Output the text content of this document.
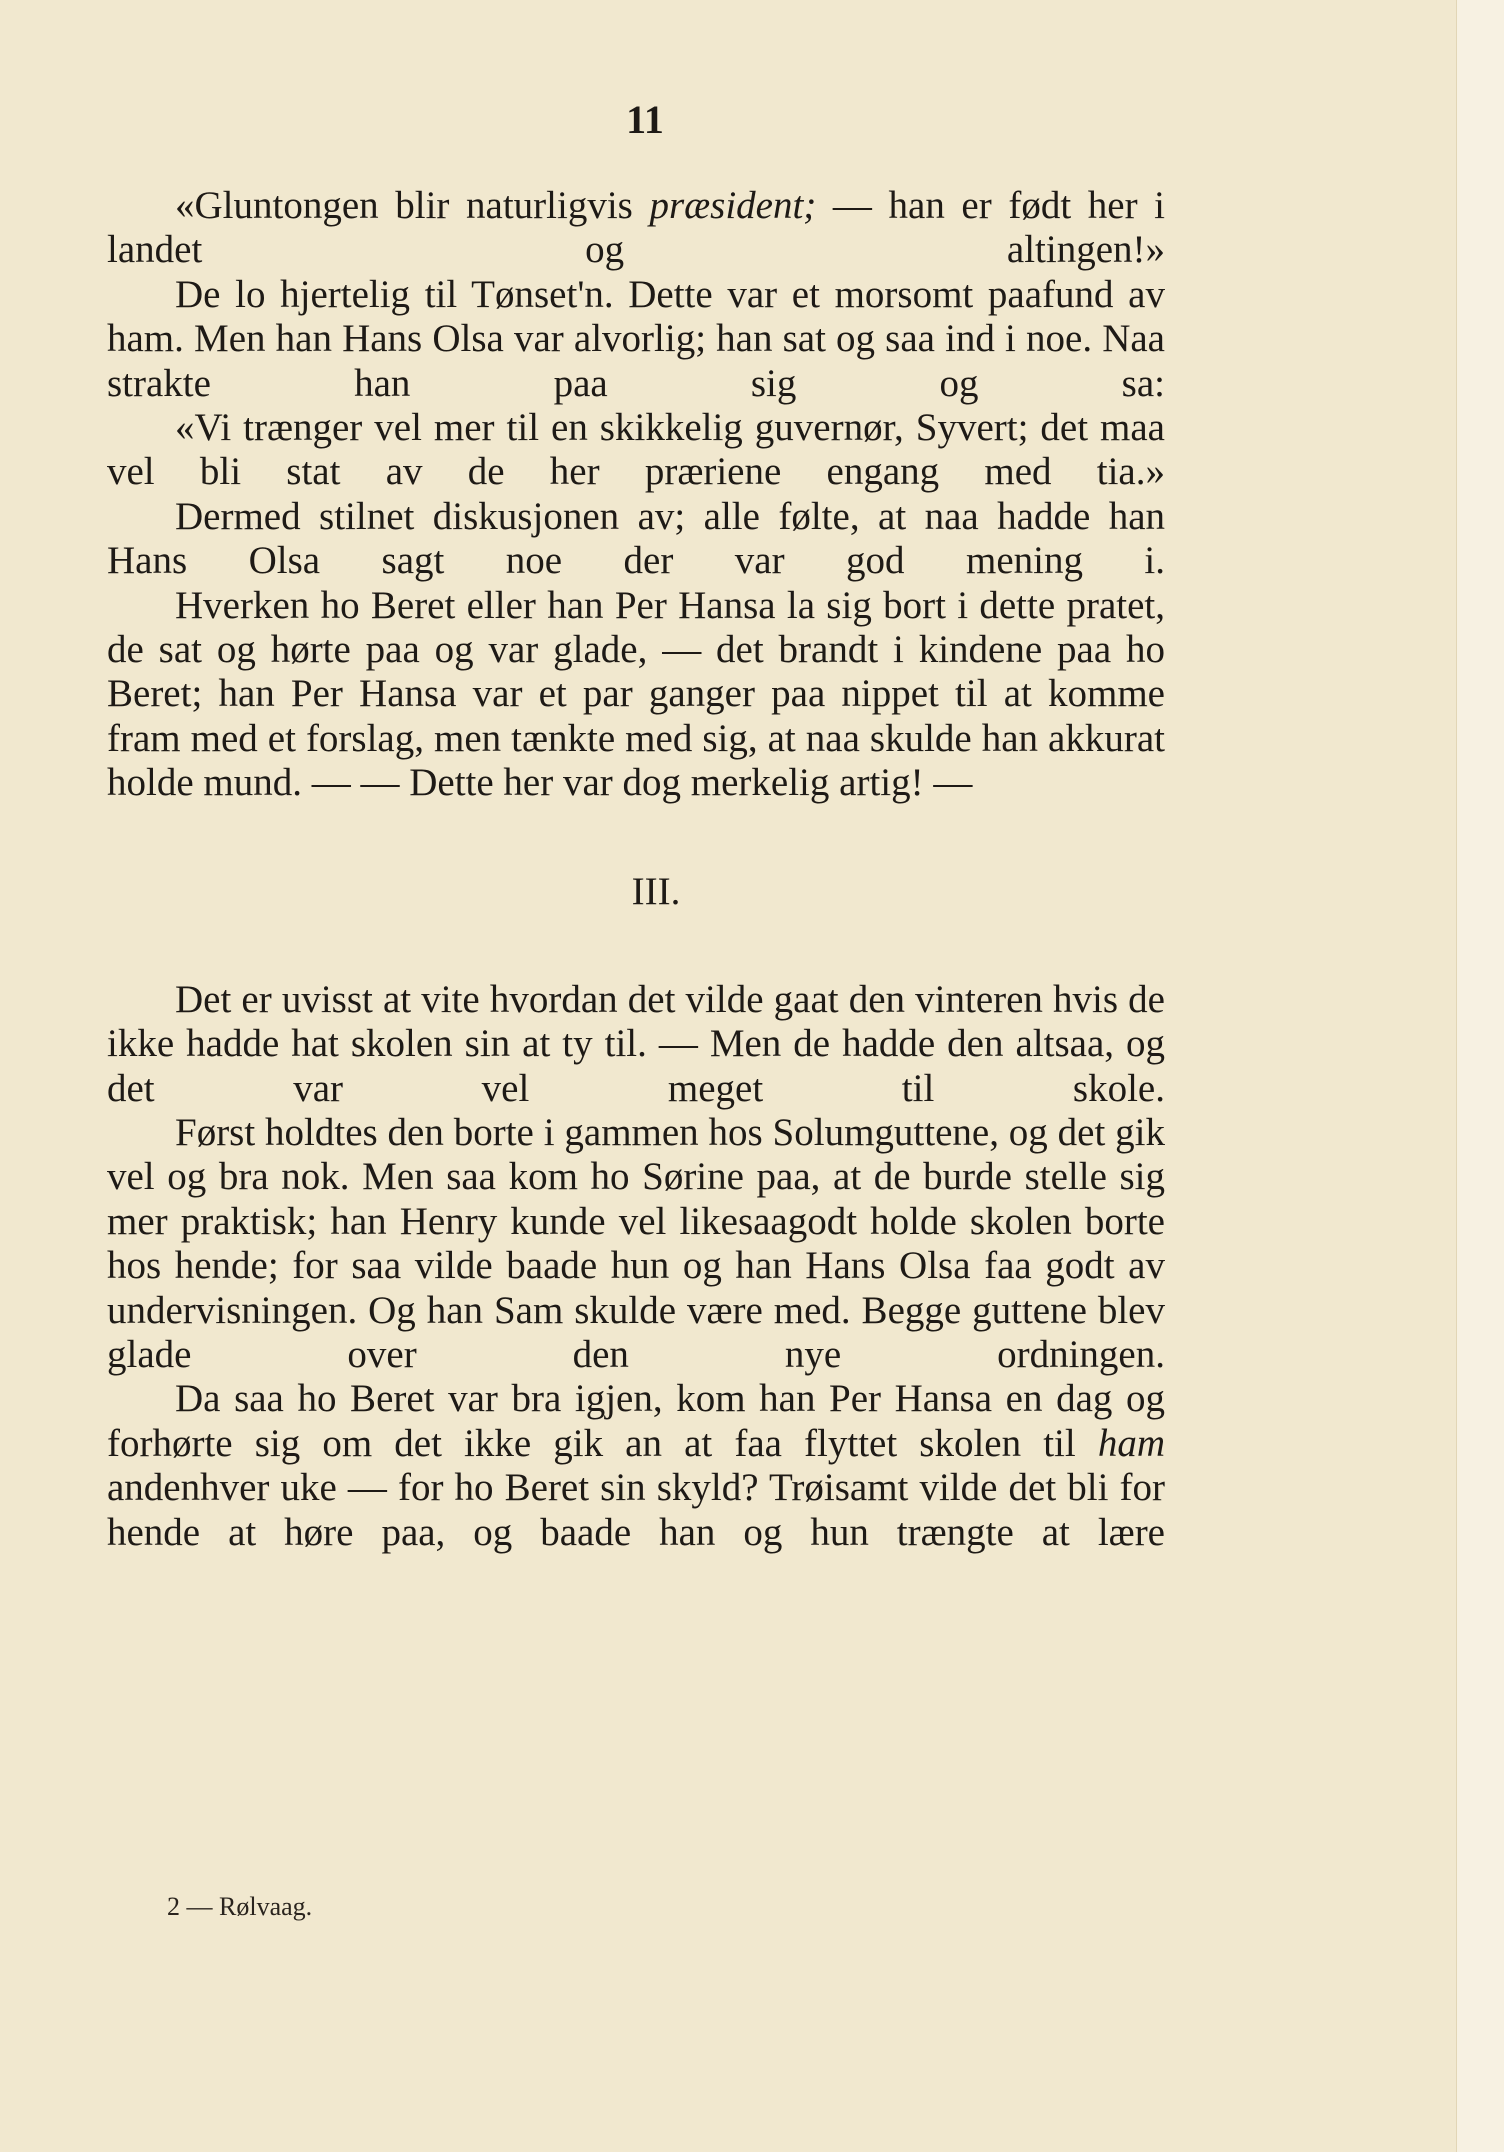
11

«Gluntongen blir naturligvis præsident; — han er født her i landet og altingen!»

De lo hjertelig til Tønset'n. Dette var et morsomt paafund av ham. Men han Hans Olsa var alvorlig; han sat og saa ind i noe. Naa strakte han paa sig og sa:

«Vi trænger vel mer til en skikkelig guvernør, Syvert; det maa vel bli stat av de her præriene engang med tia.»

Dermed stilnet diskusjonen av; alle følte, at naa hadde han Hans Olsa sagt noe der var god mening i.

Hverken ho Beret eller han Per Hansa la sig bort i dette pratet, de sat og hørte paa og var glade, — det brandt i kindene paa ho Beret; han Per Hansa var et par ganger paa nippet til at komme fram med et forslag, men tænkte med sig, at naa skulde han akkurat holde mund. — — Dette her var dog merkelig artig! —

III.

Det er uvisst at vite hvordan det vilde gaat den vinteren hvis de ikke hadde hat skolen sin at ty til. — Men de hadde den altsaa, og det var vel meget til skole.

Først holdtes den borte i gammen hos Solumguttene, og det gik vel og bra nok. Men saa kom ho Sørine paa, at de burde stelle sig mer praktisk; han Henry kunde vel likesaagodt holde skolen borte hos hende; for saa vilde baade hun og han Hans Olsa faa godt av undervisningen. Og han Sam skulde være med. Begge guttene blev glade over den nye ordningen.

Da saa ho Beret var bra igjen, kom han Per Hansa en dag og forhørte sig om det ikke gik an at faa flyttet skolen til ham andenhver uke — for ho Beret sin skyld? Trøisamt vilde det bli for hende at høre paa, og baade han og hun trængte at lære

2 — Rølvaag.
